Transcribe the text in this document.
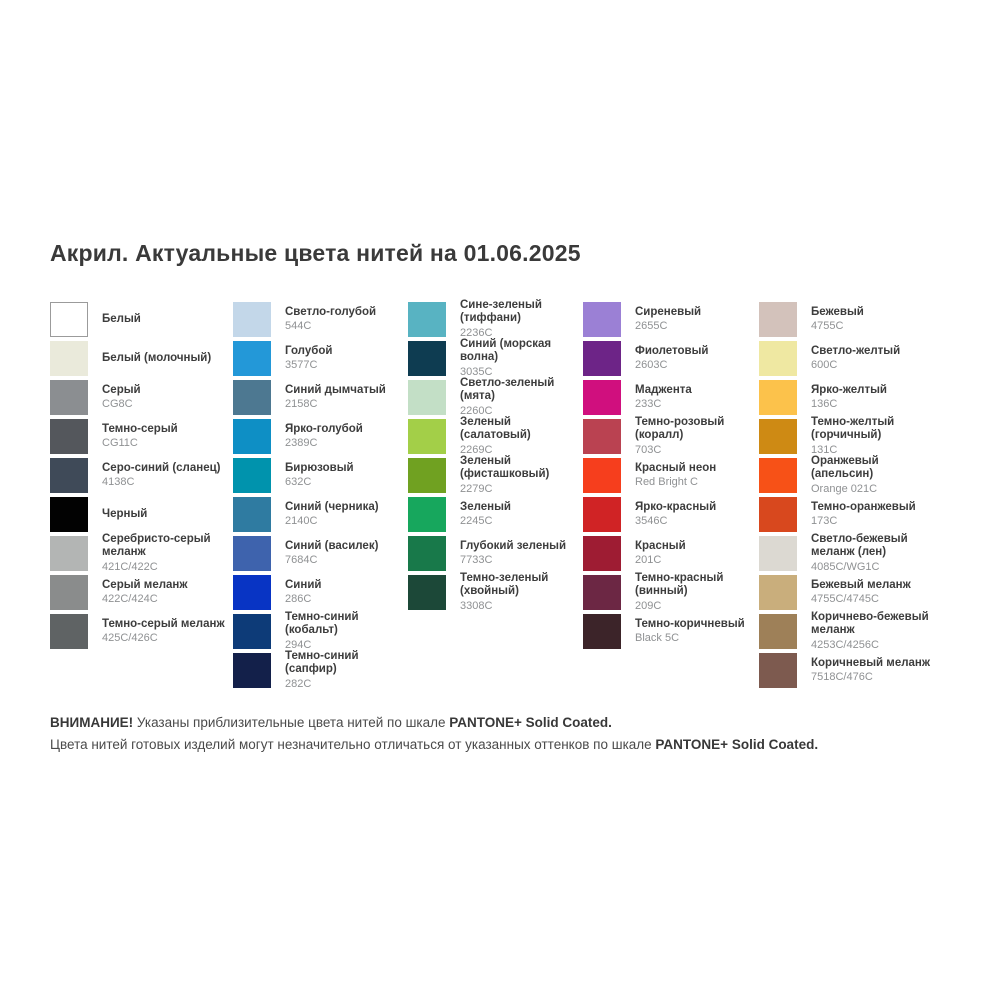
Акрил. Актуальные цвета нитей на 01.06.2025
Белый
Белый (молочный)
Серый
CG8C
Темно-серый
CG11C
Серо-синий (сланец)
4138C
Черный
Серебристо-серый меланж
421C/422C
Серый меланж
422C/424C
Темно-серый меланж
425C/426C
Светло-голубой
544C
Голубой
3577C
Синий дымчатый
2158C
Ярко-голубой
2389C
Бирюзовый
632C
Синий (черника)
2140C
Синий (василек)
7684C
Синий
286C
Темно-синий (кобальт)
294C
Темно-синий (сапфир)
282C
Сине-зеленый (тиффани)
2236C
Синий (морская волна)
3035C
Светло-зеленый (мята)
2260C
Зеленый (салатовый)
2269C
Зеленый (фисташковый)
2279C
Зеленый
2245C
Глубокий зеленый
7733C
Темно-зеленый (хвойный)
3308C
Сиреневый
2655C
Фиолетовый
2603C
Маджента
233C
Темно-розовый (коралл)
703C
Красный неон
Red Bright C
Ярко-красный
3546C
Красный
201C
Темно-красный (винный)
209C
Темно-коричневый
Black 5C
Бежевый
4755C
Светло-желтый
600C
Ярко-желтый
136C
Темно-желтый (горчичный)
131C
Оранжевый (апельсин)
Orange 021C
Темно-оранжевый
173C
Светло-бежевый меланж (лен)
4085C/WG1C
Бежевый меланж
4755C/4745C
Коричнево-бежевый меланж
4253C/4256C
Коричневый меланж
7518C/476C

ВНИМАНИЕ! Указаны приблизительные цвета нитей по шкале PANTONE+ Solid Coated.

Цвета нитей готовых изделий могут незначительно отличаться от указанных оттенков по шкале PANTONE+ Solid Coated.
